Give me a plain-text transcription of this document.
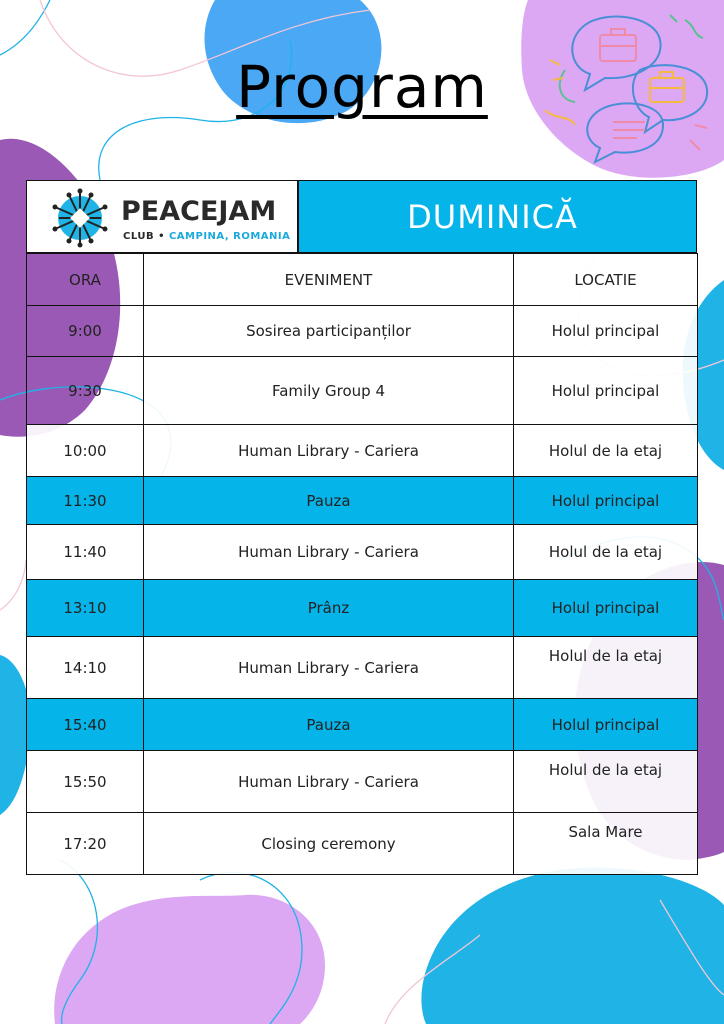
Program
PEACEJAM
CLUB • CAMPINA, ROMANIA
DUMINICĂ
ORA	EVENIMENT	LOCATIE
9:00	Sosirea participanților	Holul principal
9:30	Family Group 4	Holul principal
10:00	Human Library - Cariera	Holul de la etaj
11:30	Pauza	Holul principal
11:40	Human Library - Cariera	Holul de la etaj
13:10	Prânz	Holul principal
14:10	Human Library - Cariera	Holul de la etaj
15:40	Pauza	Holul principal
15:50	Human Library - Cariera	Holul de la etaj
17:20	Closing ceremony	Sala Mare
